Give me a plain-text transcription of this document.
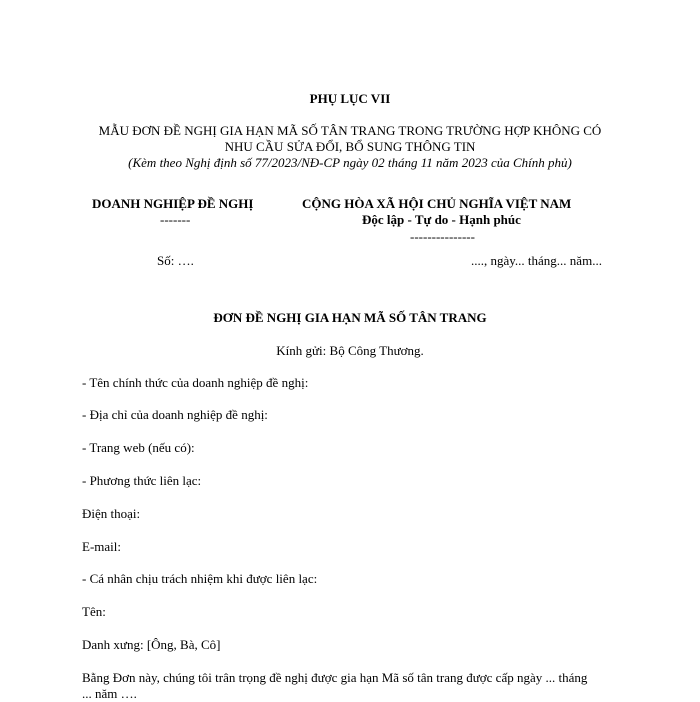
PHỤ LỤC VII
MẪU ĐƠN ĐỀ NGHỊ GIA HẠN MÃ SỐ TÂN TRANG TRONG TRƯỜNG HỢP KHÔNG CÓ
NHU CẦU SỬA ĐỔI, BỔ SUNG THÔNG TIN
(Kèm theo Nghị định số 77/2023/NĐ-CP ngày 02 tháng 11 năm 2023 của Chính phủ)
DOANH NGHIỆP ĐỀ NGHỊ
-------
CỘNG HÒA XÃ HỘI CHỦ NGHĨA VIỆT NAM
Độc lập - Tự do - Hạnh phúc
---------------
Số: ….	...., ngày... tháng... năm...
ĐƠN ĐỀ NGHỊ GIA HẠN MÃ SỐ TÂN TRANG
Kính gửi: Bộ Công Thương.
- Tên chính thức của doanh nghiệp đề nghị:
- Địa chỉ của doanh nghiệp đề nghị:
- Trang web (nếu có):
- Phương thức liên lạc:
Điện thoại:
E-mail:
- Cá nhân chịu trách nhiệm khi được liên lạc:
Tên:
Danh xưng: [Ông, Bà, Cô]
Bằng Đơn này, chúng tôi trân trọng đề nghị được gia hạn Mã số tân trang được cấp ngày ... tháng
... năm ….
